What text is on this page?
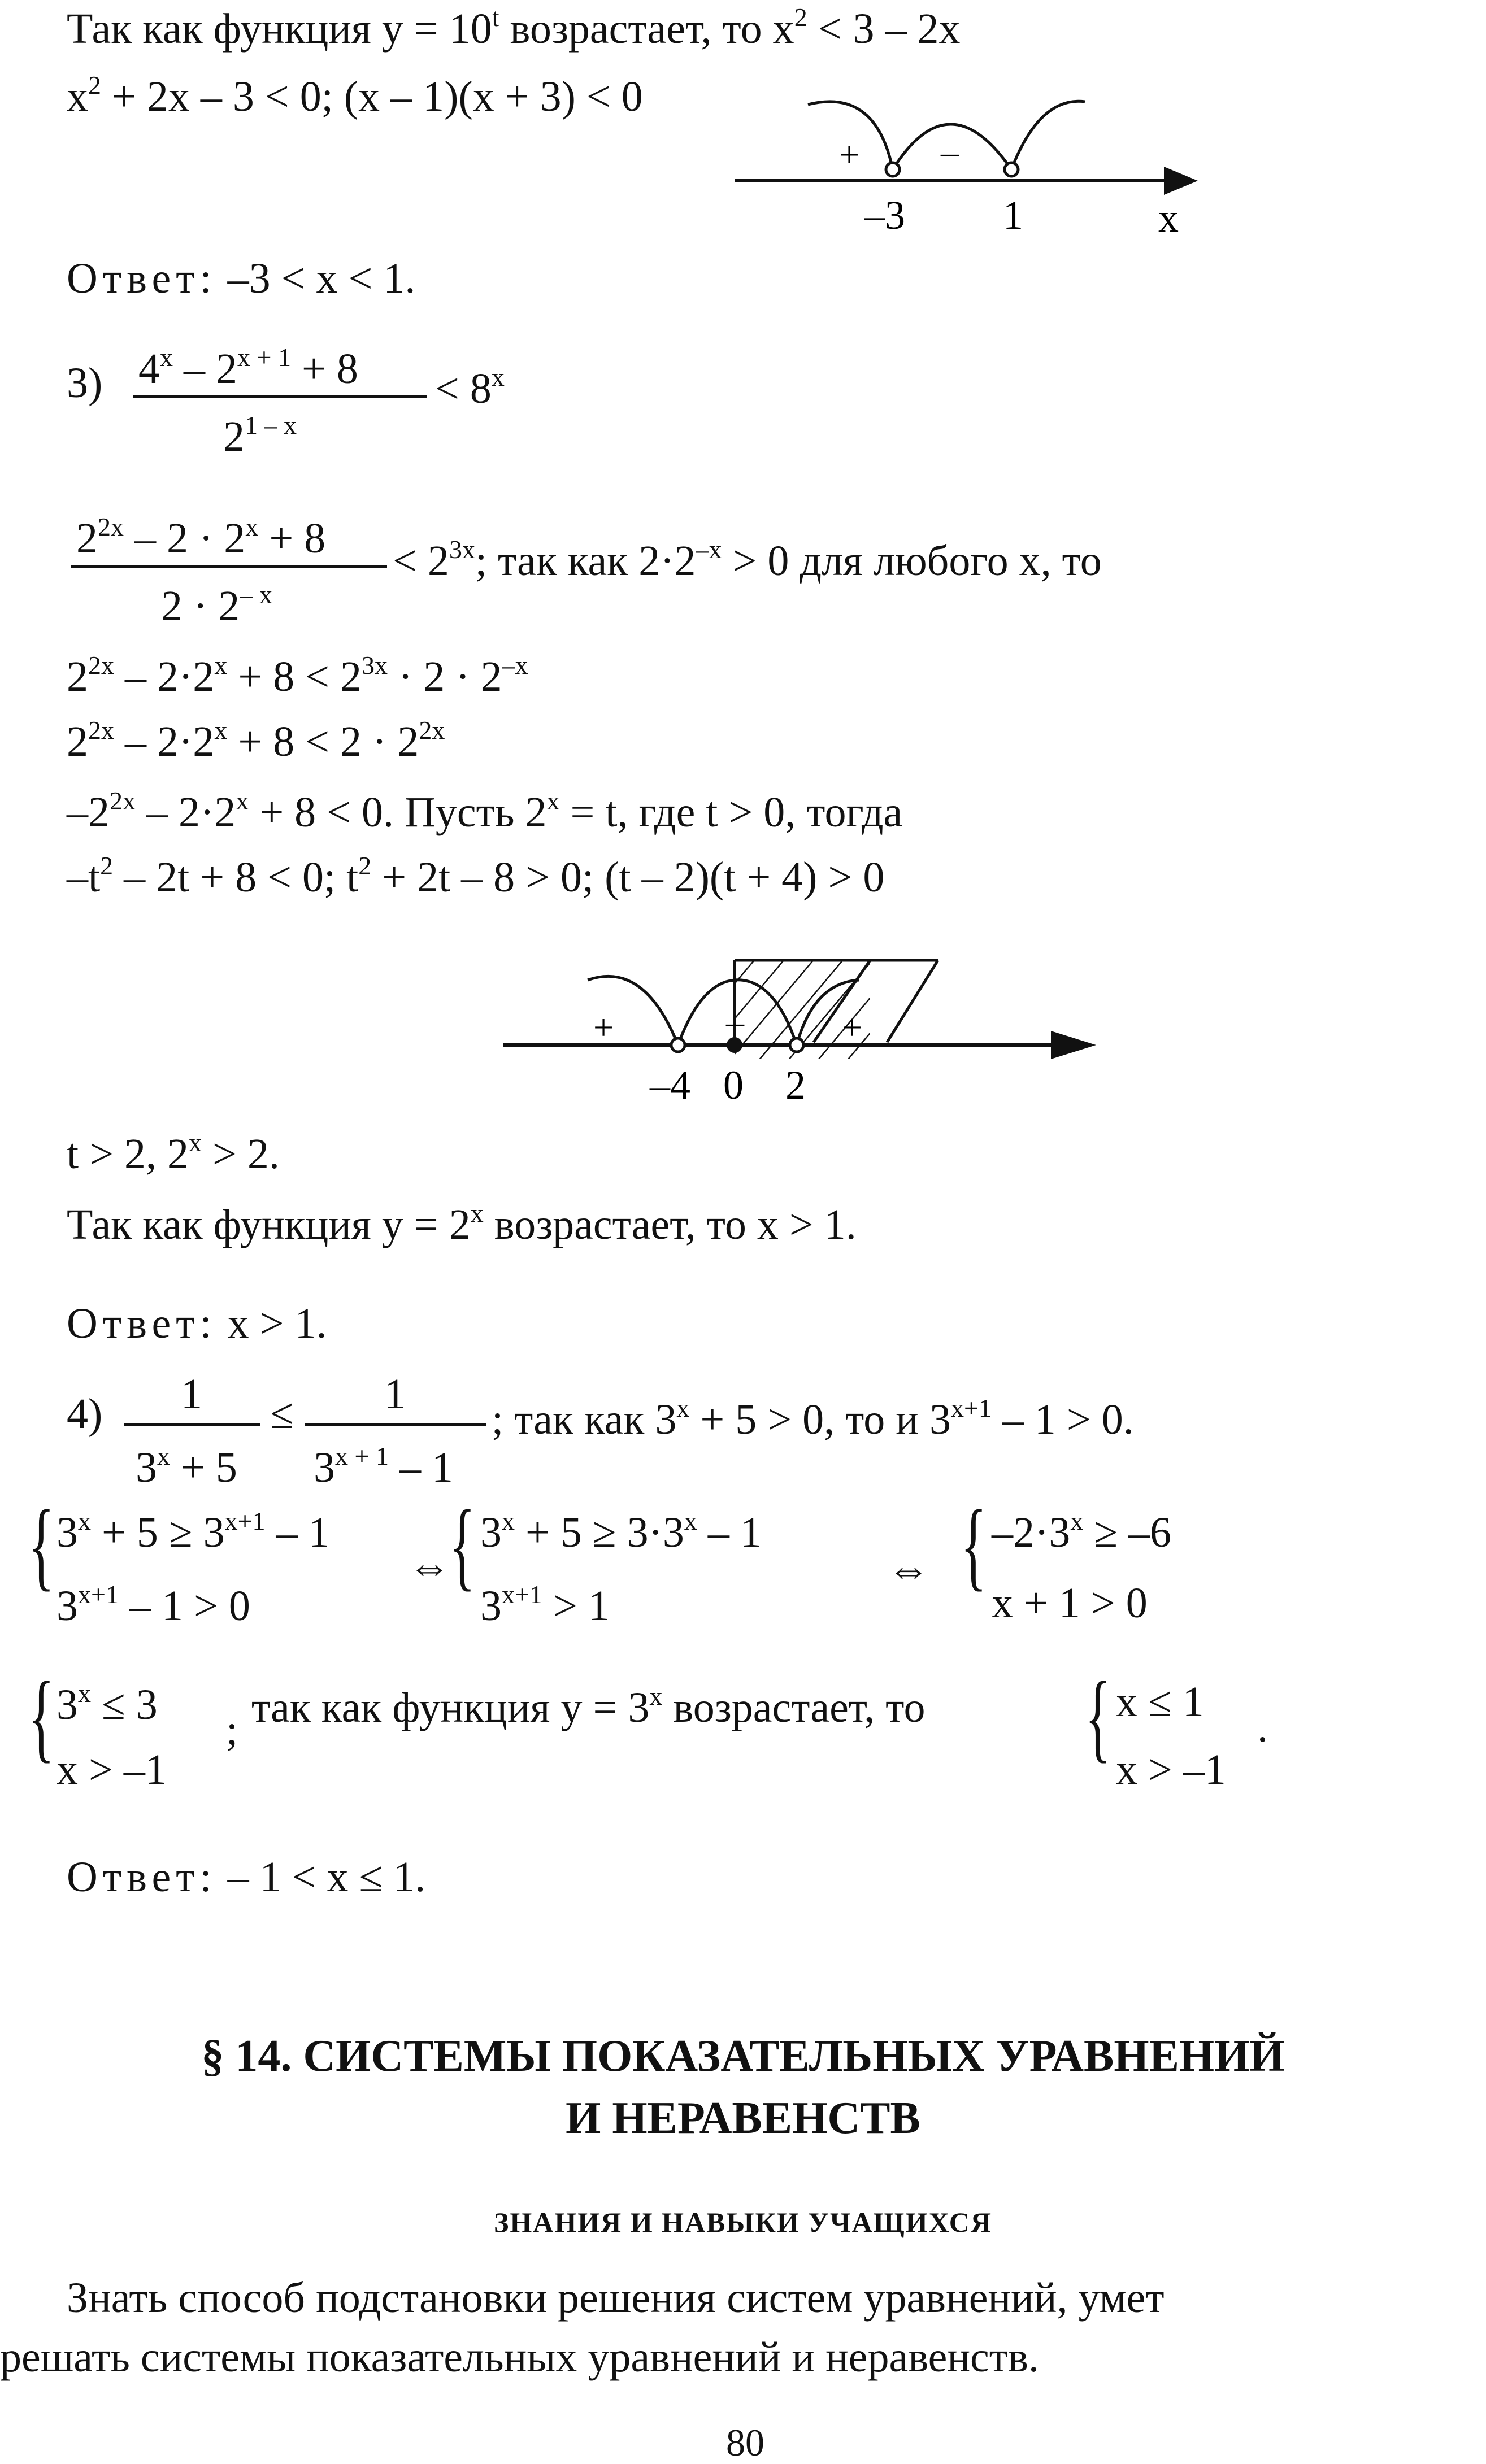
Так как функция $y = 10^t$ возрастает, то $x^2 < 3 - 2x$
$x^2 + 2x - 3 < 0$; (x – 1)(x + 3) < 0
+ –
–3 1	x
Ответ: –3 < x < 1.
3) $4^x - 2^{x + 1} + 8$
$2^{1 - x}$
< $8^x$
$2^{2x} - 2 \cdot 2^x + 8$
$2 \cdot 2^{- x}$
< $2^{3x}$; так как $2\cdot 2^{-x} > 0$ для любого x, то
$2^{2x} - 2\cdot 2^x + 8 < 2^{3x} \cdot 2 \cdot 2^{-x}$
$2^{2x} - 2\cdot 2^x + 8 < 2 \cdot 2^{2x}$
$-2^{2x} - 2\cdot 2^x + 8 < 0$. Пусть $2^x = t$, где t > 0, тогда
$-t^2 - 2t + 8 < 0$; $t^2 + 2t - 8 > 0$; (t – 2)(t + 4) > 0
+	–	+
–4 0 2
t > 2, $2^x > 2$.
Так как функция $y = 2^x$ возрастает, то x > 1.
Ответ: x > 1.
4) 1
$3^x + 5$
≤ 1
$3^{x + 1} - 1$
; так как $3^x + 5 > 0$, то и $3^{x+1} - 1 > 0$.
{ $3^x + 5 \ge 3^{x+1} - 1$
$3^{x+1} - 1 > 0$
⇔
{ $3^x + 5 \ge 3\cdot 3^x - 1$
$3^{x+1} > 1$
⇔ { $-2\cdot 3^x \ge -6$
x + 1 > 0
{ $3^x \le 3$
x > –1
; так как функция $y = 3^x$ возрастает, то { x ≤ 1
x > –1
.
Ответ: – 1 < x ≤ 1.
§ 14. СИСТЕМЫ ПОКАЗАТЕЛЬНЫХ УРАВНЕНИЙ
И НЕРАВЕНСТВ
ЗНАНИЯ И НАВЫКИ УЧАЩИХСЯ
Знать способ подстановки решения систем уравнений, умет
решать системы показательных уравнений и неравенств.
80
